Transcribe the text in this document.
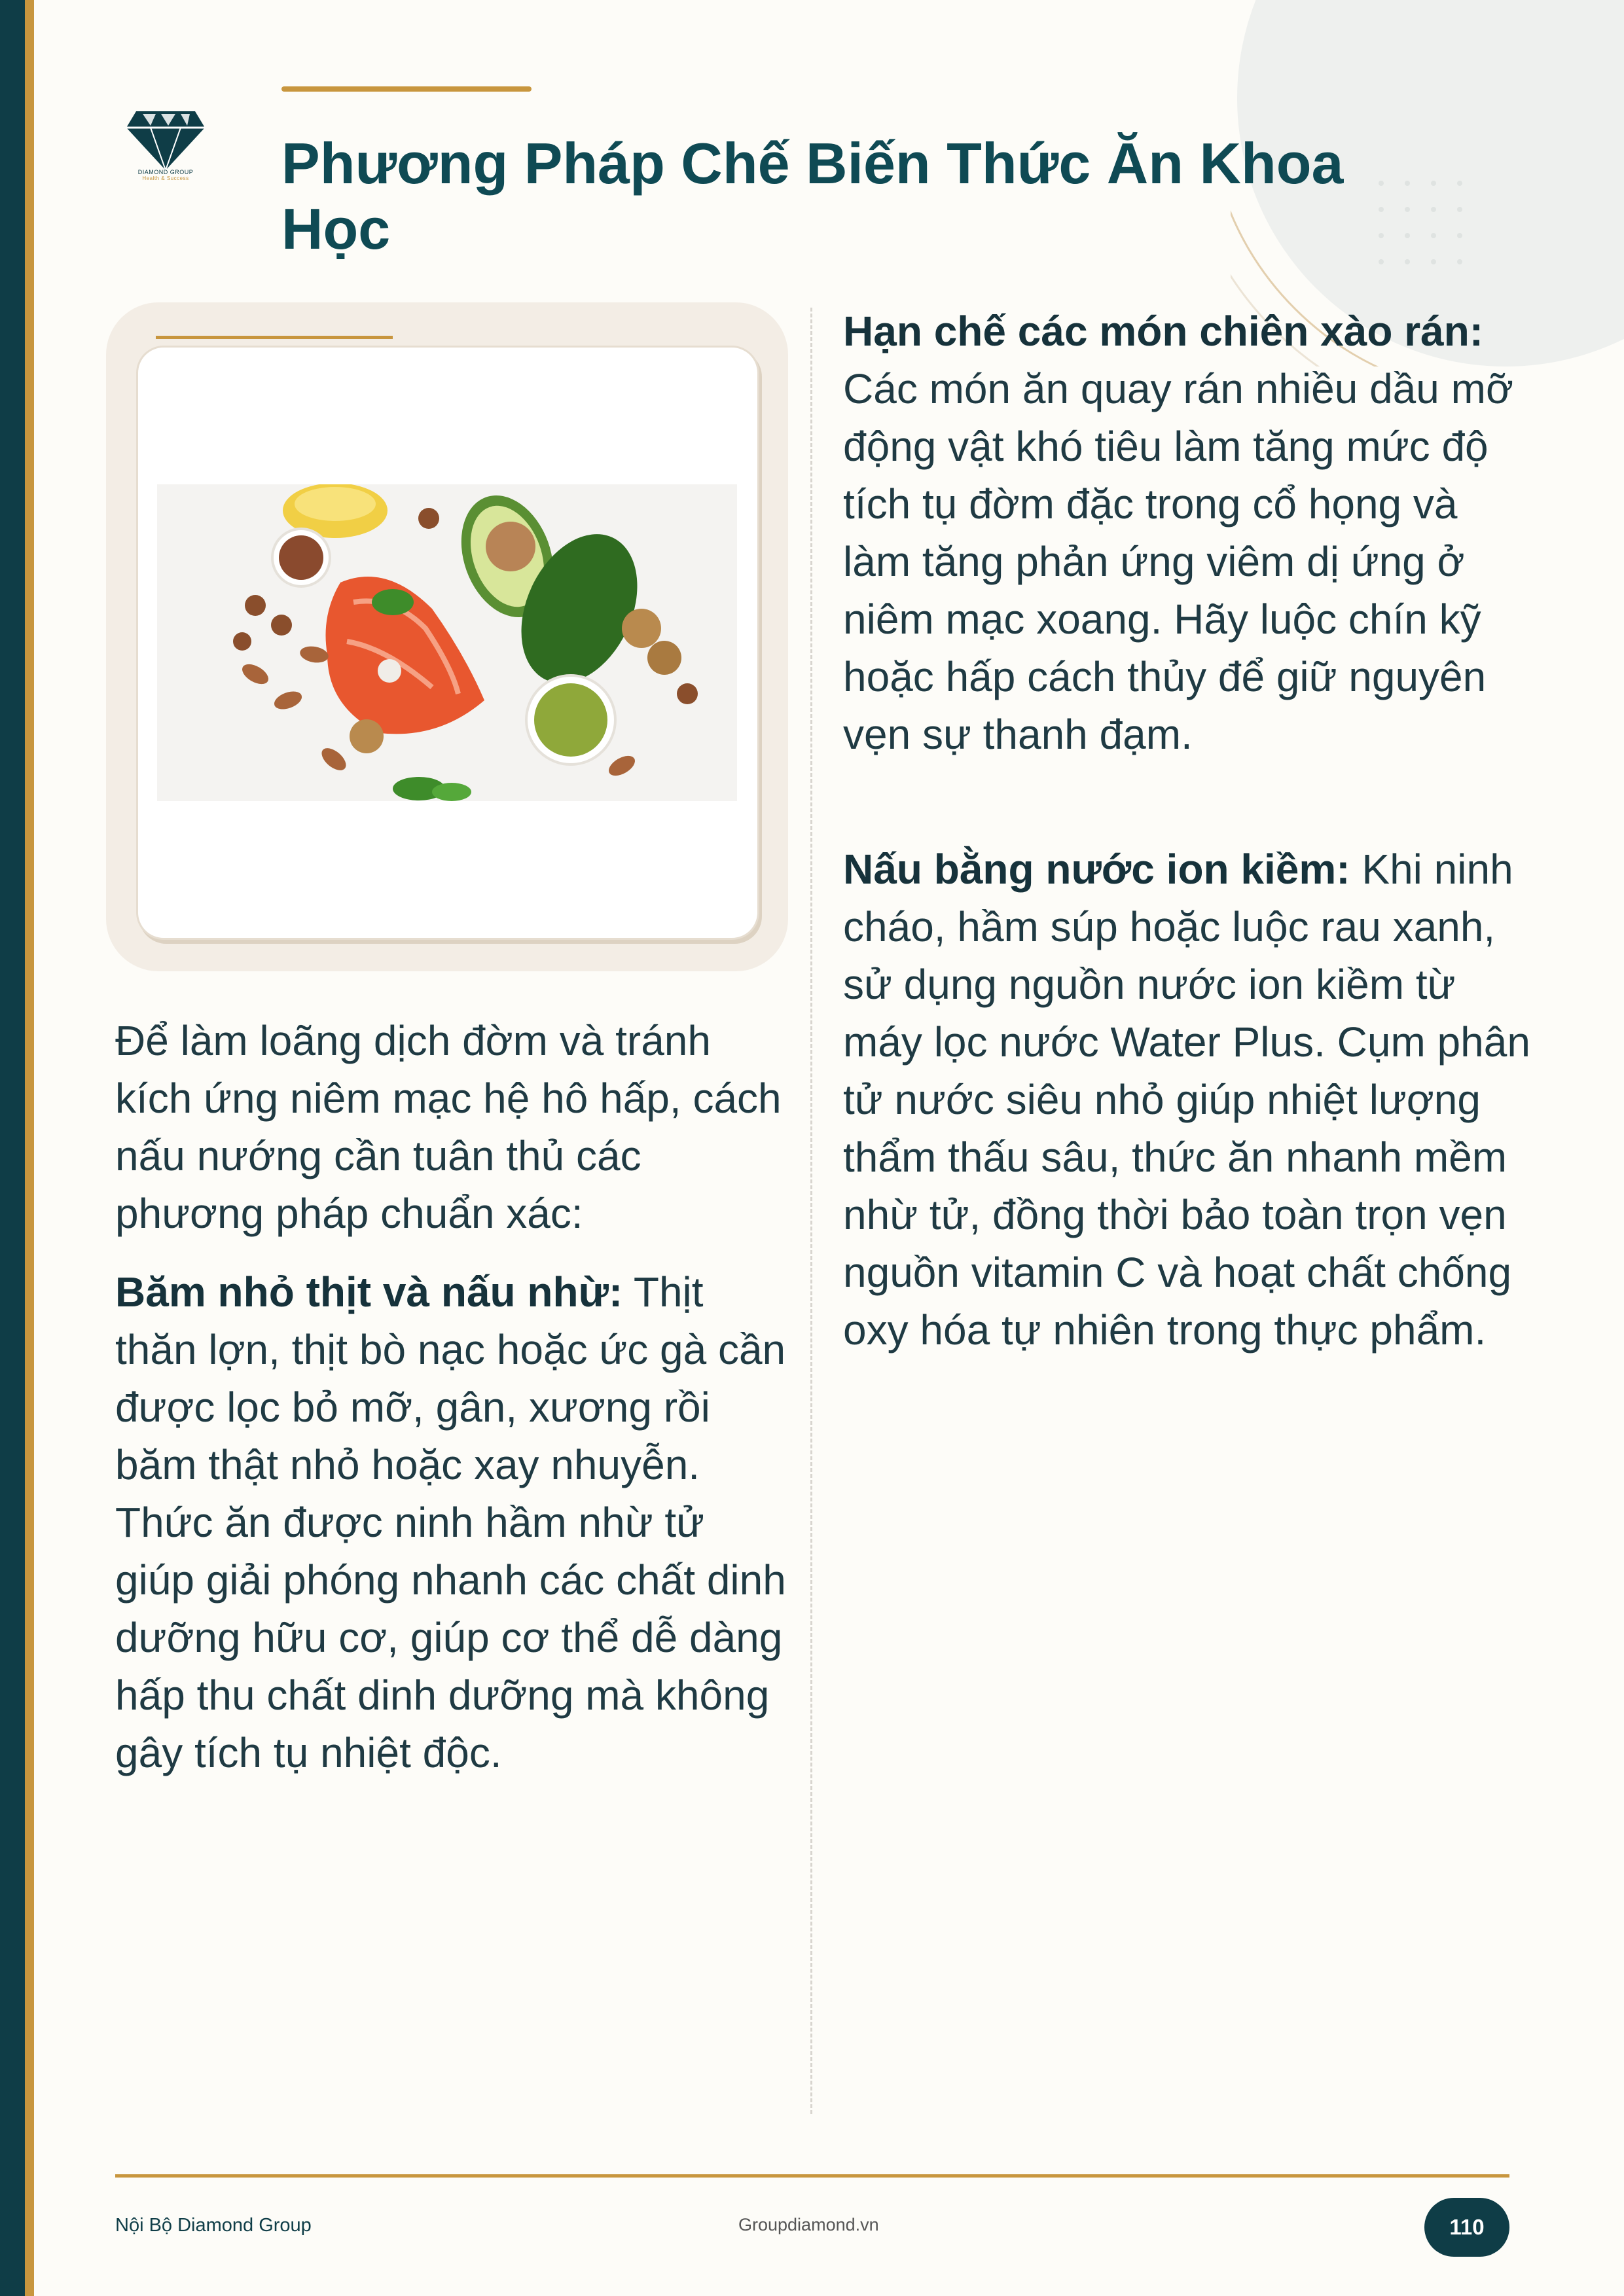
DIAMOND GROUP
Health & Success	Phương Pháp Chế Biến Thức Ăn Khoa
Học

Để làm loãng dịch đờm và tránh kích ứng niêm mạc hệ hô hấp, cách nấu nướng cần tuân thủ các phương pháp chuẩn xác:

Băm nhỏ thịt và nấu nhừ: Thịt thăn lợn, thịt bò nạc hoặc ức gà cần được lọc bỏ mỡ, gân, xương rồi băm thật nhỏ hoặc xay nhuyễn. Thức ăn được ninh hầm nhừ tử giúp giải phóng nhanh các chất dinh dưỡng hữu cơ, giúp cơ thể dễ dàng hấp thu chất dinh dưỡng mà không gây tích tụ nhiệt độc.

Hạn chế các món chiên xào rán: Các món ăn quay rán nhiều dầu mỡ động vật khó tiêu làm tăng mức độ tích tụ đờm đặc trong cổ họng và làm tăng phản ứng viêm dị ứng ở niêm mạc xoang. Hãy luộc chín kỹ hoặc hấp cách thủy để giữ nguyên vẹn sự thanh đạm.

Nấu bằng nước ion kiềm: Khi ninh cháo, hầm súp hoặc luộc rau xanh, sử dụng nguồn nước ion kiềm từ máy lọc nước Water Plus. Cụm phân tử nước siêu nhỏ giúp nhiệt lượng thẩm thấu sâu, thức ăn nhanh mềm nhừ tử, đồng thời bảo toàn trọn vẹn nguồn vitamin C và hoạt chất chống oxy hóa tự nhiên trong thực phẩm.

Nội Bộ Diamond Group	Groupdiamond.vn	110
